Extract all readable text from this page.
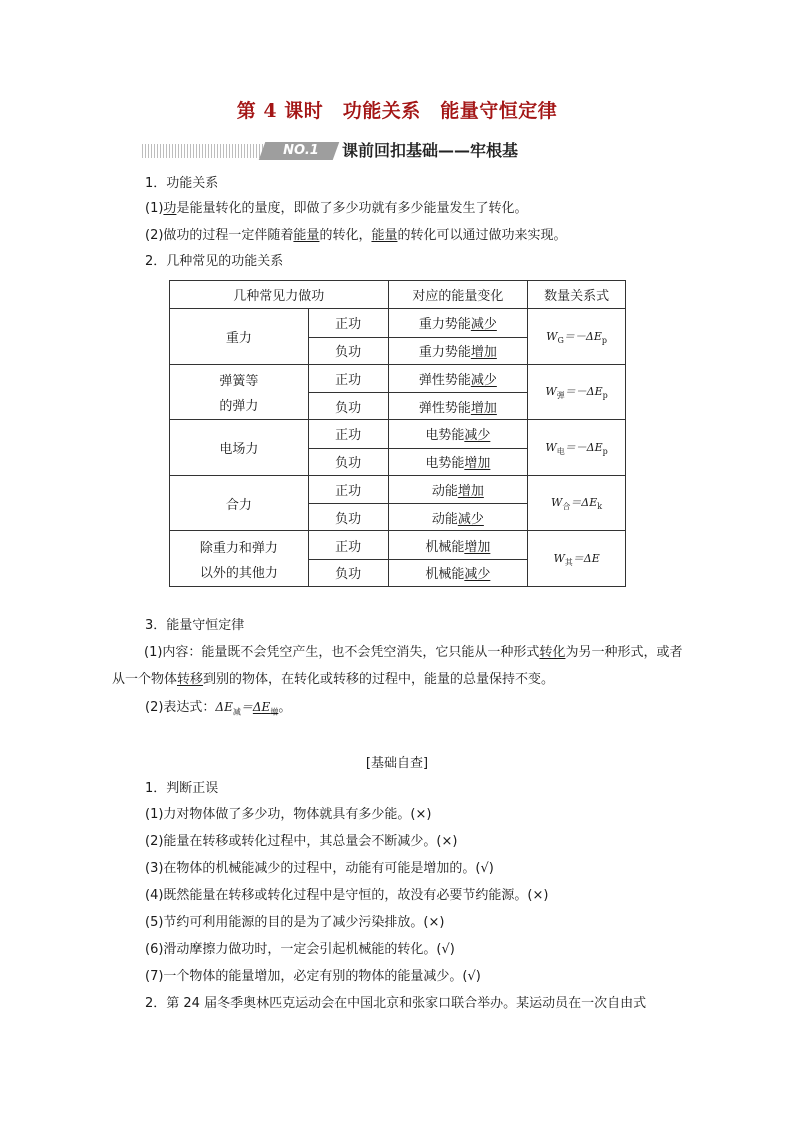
第 4 课时　功能关系　能量守恒定律
NO.1	课前回扣基础——牢根基
1．功能关系
(1)功是能量转化的量度，即做了多少功就有多少能量发生了转化。
(2)做功的过程一定伴随着能量的转化，能量的转化可以通过做功来实现。
2．几种常见的功能关系
几种常见力做功		对应的能量变化	数量关系式
重力	正功	重力势能减少	$W_G=-\Delta E_p$
	负功	重力势能增加	

弹簧等
的弹力	正功	弹性势能减少	$W_弹=-\Delta E_p$
	负功	弹性势能增加	
电场力	正功	电势能减少	$W_电=-\Delta E_p$
	负功	电势能增加	
合力	正功	动能增加	$W_合=\Delta E_k$
	负功	动能减少	

除重力和弹力
以外的其他力	正功	机械能增加	$W_其=\Delta E$
	负功	机械能减少	
3．能量守恒定律
(1)内容：能量既不会凭空产生，也不会凭空消失，它只能从一种形式转化为另一种形式，或者从一个物体转移到别的物体，在转化或转移的过程中，能量的总量保持不变。
(2)表达式：$\Delta E_减=\Delta E_增$。
[基础自查]
1．判断正误
(1)力对物体做了多少功，物体就具有多少能。(×)
(2)能量在转移或转化过程中，其总量会不断减少。(×)
(3)在物体的机械能减少的过程中，动能有可能是增加的。(√)
(4)既然能量在转移或转化过程中是守恒的，故没有必要节约能源。(×)
(5)节约可利用能源的目的是为了减少污染排放。(×)
(6)滑动摩擦力做功时，一定会引起机械能的转化。(√)
(7)一个物体的能量增加，必定有别的物体的能量减少。(√)
2．第 24 届冬季奥林匹克运动会在中国北京和张家口联合举办。某运动员在一次自由式
